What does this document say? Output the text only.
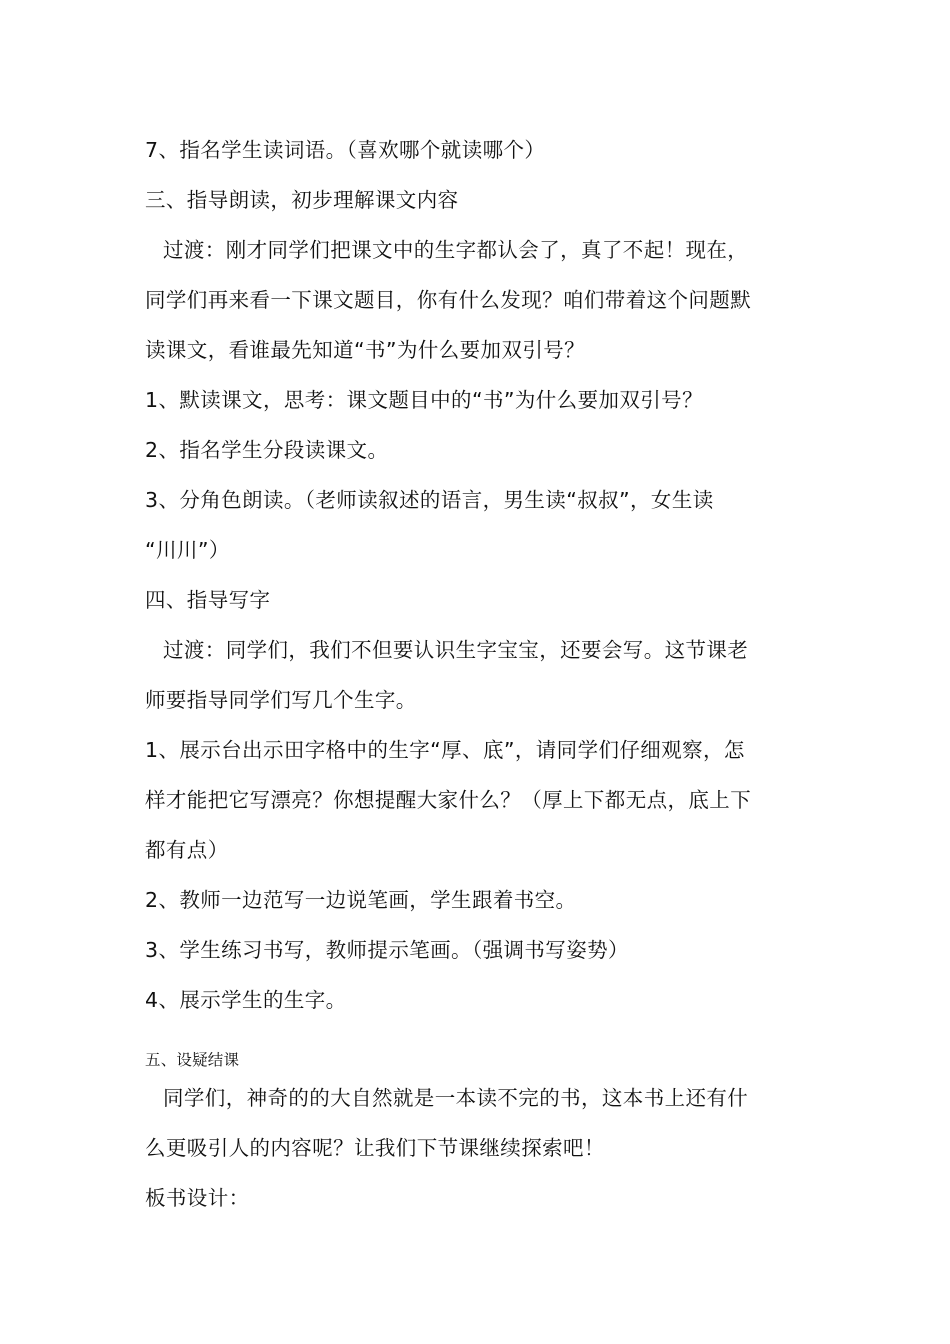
7、指名学生读词语。（喜欢哪个就读哪个）
三、指导朗读，初步理解课文内容
过渡：刚才同学们把课文中的生字都认会了，真了不起！现在，
同学们再来看一下课文题目，你有什么发现？咱们带着这个问题默
读课文，看谁最先知道“书”为什么要加双引号？
1、默读课文，思考：课文题目中的“书”为什么要加双引号？
2、指名学生分段读课文。
3、分角色朗读。（老师读叙述的语言，男生读“叔叔”，女生读
“川川”）
四、指导写字
过渡：同学们，我们不但要认识生字宝宝，还要会写。这节课老
师要指导同学们写几个生字。
1、展示台出示田字格中的生字“厚、底”，请同学们仔细观察，怎
样才能把它写漂亮？你想提醒大家什么？（厚上下都无点，底上下
都有点）
2、教师一边范写一边说笔画，学生跟着书空。
3、学生练习书写，教师提示笔画。（强调书写姿势）
4、展示学生的生字。
五、设疑结课
同学们，神奇的的大自然就是一本读不完的书，这本书上还有什
么更吸引人的内容呢？让我们下节课继续探索吧！
板书设计：
